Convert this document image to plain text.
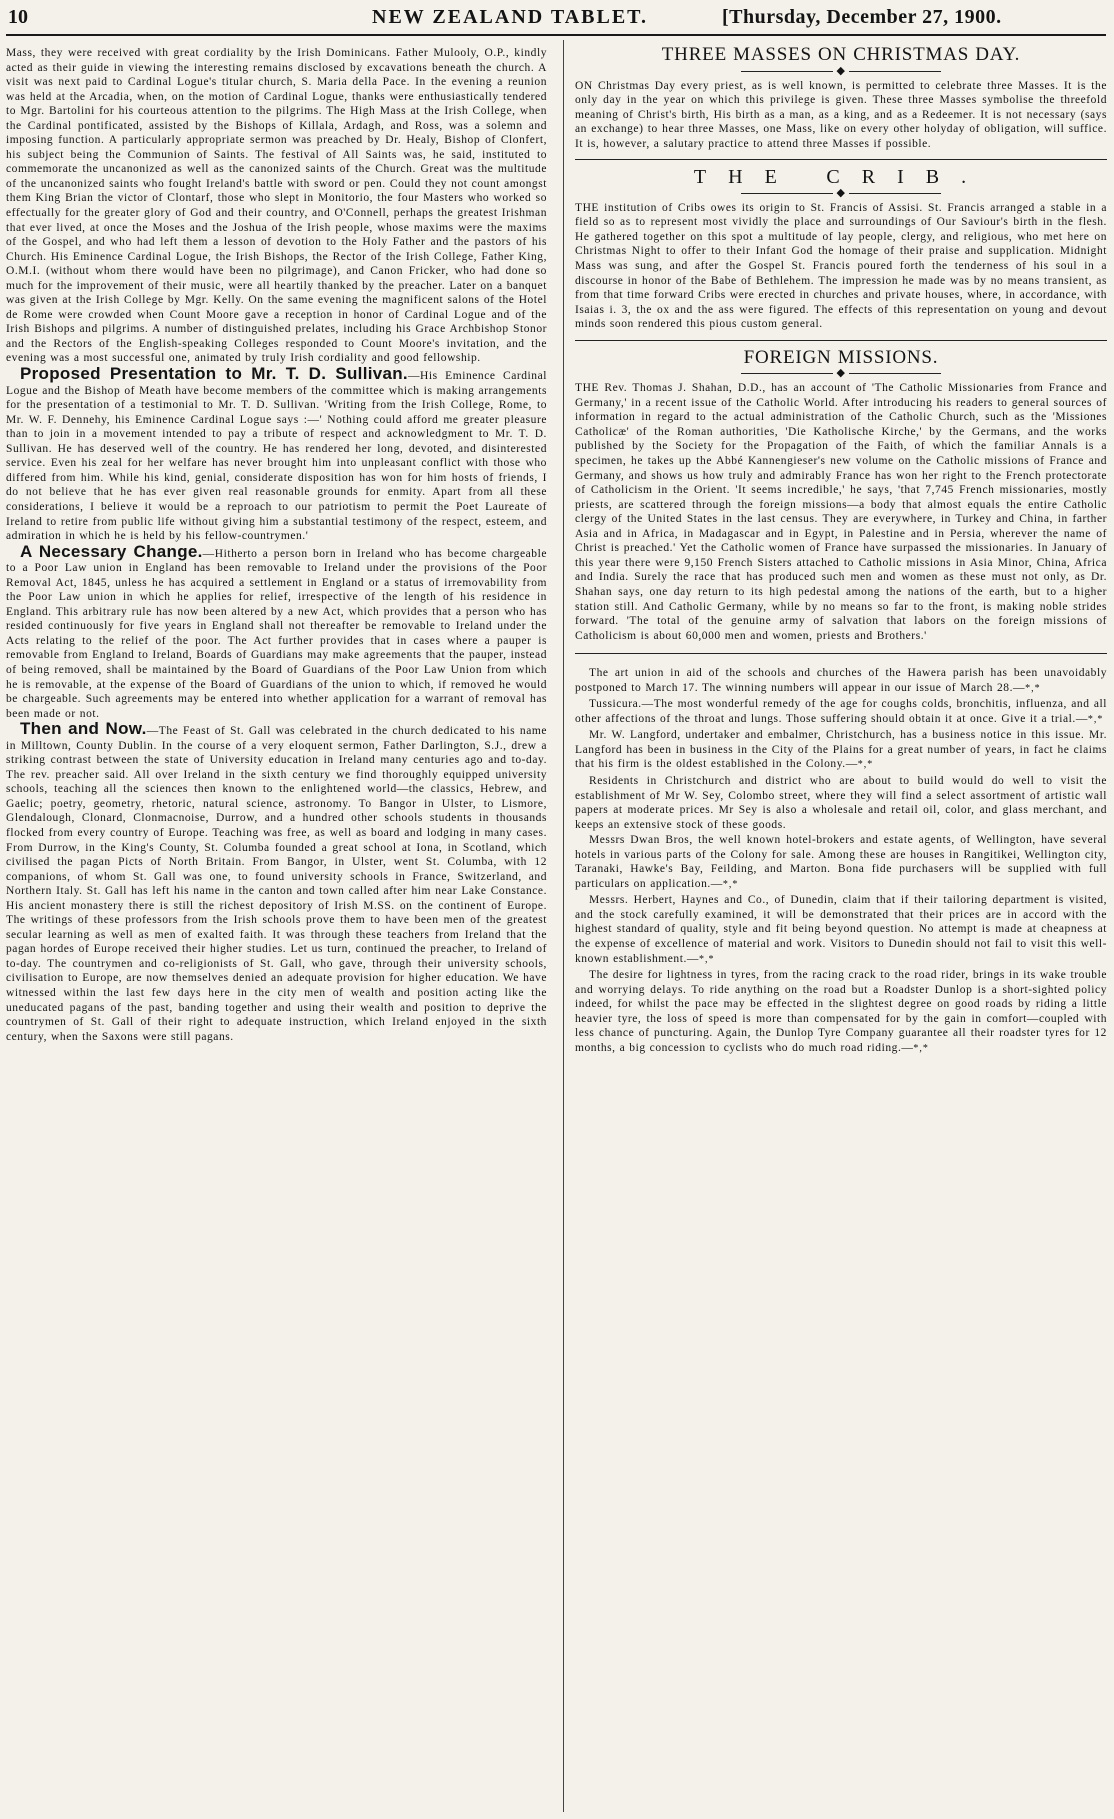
10	NEW ZEALAND TABLET.	[Thursday, December 27, 1900.

Mass, they were received with great cordiality by the Irish Dominicans. Father Mulooly, O.P., kindly acted as their guide in viewing the interesting remains disclosed by excavations beneath the church. A visit was next paid to Cardinal Logue's titular church, S. Maria della Pace. In the evening a reunion was held at the Arcadia, when, on the motion of Cardinal Logue, thanks were enthusiastically tendered to Mgr. Bartolini for his courteous attention to the pilgrims. The High Mass at the Irish College, when the Cardinal pontificated, assisted by the Bishops of Killala, Ardagh, and Ross, was a solemn and imposing function. A particularly appropriate sermon was preached by Dr. Healy, Bishop of Clonfert, his subject being the Communion of Saints. The festival of All Saints was, he said, instituted to commemorate the uncanonized as well as the canonized saints of the Church. Great was the multitude of the uncanonized saints who fought Ireland's battle with sword or pen. Could they not count amongst them King Brian the victor of Clontarf, those who slept in Monitorio, the four Masters who worked so effectually for the greater glory of God and their country, and O'Connell, perhaps the greatest Irishman that ever lived, at once the Moses and the Joshua of the Irish people, whose maxims were the maxims of the Gospel, and who had left them a lesson of devotion to the Holy Father and the pastors of his Church. His Eminence Cardinal Logue, the Irish Bishops, the Rector of the Irish College, Father King, O.M.I. (without whom there would have been no pilgrimage), and Canon Fricker, who had done so much for the improvement of their music, were all heartily thanked by the preacher. Later on a banquet was given at the Irish College by Mgr. Kelly. On the same evening the magnificent salons of the Hotel de Rome were crowded when Count Moore gave a reception in honor of Cardinal Logue and of the Irish Bishops and pilgrims. A number of distinguished prelates, including his Grace Archbishop Stonor and the Rectors of the English-speaking Colleges responded to Count Moore's invitation, and the evening was a most successful one, animated by truly Irish cordiality and good fellowship.

Proposed Presentation to Mr. T. D. Sullivan.—His Eminence Cardinal Logue and the Bishop of Meath have become members of the committee which is making arrangements for the presentation of a testimonial to Mr. T. D. Sullivan. 'Writing from the Irish College, Rome, to Mr. W. F. Dennehy, his Eminence Cardinal Logue says :—' Nothing could afford me greater pleasure than to join in a movement intended to pay a tribute of respect and acknowledgment to Mr. T. D. Sullivan. He has deserved well of the country. He has rendered her long, devoted, and disinterested service. Even his zeal for her welfare has never brought him into unpleasant conflict with those who differed from him. While his kind, genial, considerate disposition has won for him hosts of friends, I do not believe that he has ever given real reasonable grounds for enmity. Apart from all these considerations, I believe it would be a reproach to our patriotism to permit the Poet Laureate of Ireland to retire from public life without giving him a substantial testimony of the respect, esteem, and admiration in which he is held by his fellow-countrymen.'

A Necessary Change.—Hitherto a person born in Ireland who has become chargeable to a Poor Law union in England has been removable to Ireland under the provisions of the Poor Removal Act, 1845, unless he has acquired a settlement in England or a status of irremovability from the Poor Law union in which he applies for relief, irrespective of the length of his residence in England. This arbitrary rule has now been altered by a new Act, which provides that a person who has resided continuously for five years in England shall not thereafter be removable to Ireland under the Acts relating to the relief of the poor. The Act further provides that in cases where a pauper is removable from England to Ireland, Boards of Guardians may make agreements that the pauper, instead of being removed, shall be maintained by the Board of Guardians of the Poor Law Union from which he is removable, at the expense of the Board of Guardians of the union to which, if removed he would be chargeable. Such agreements may be entered into whether application for a warrant of removal has been made or not.

Then and Now.—The Feast of St. Gall was celebrated in the church dedicated to his name in Milltown, County Dublin. In the course of a very eloquent sermon, Father Darlington, S.J., drew a striking contrast between the state of University education in Ireland many centuries ago and to-day. The rev. preacher said. All over Ireland in the sixth century we find thoroughly equipped university schools, teaching all the sciences then known to the enlightened world—the classics, Hebrew, and Gaelic; poetry, geometry, rhetoric, natural science, astronomy. To Bangor in Ulster, to Lismore, Glendalough, Clonard, Clonmacnoise, Durrow, and a hundred other schools students in thousands flocked from every country of Europe. Teaching was free, as well as board and lodging in many cases. From Durrow, in the King's County, St. Columba founded a great school at Iona, in Scotland, which civilised the pagan Picts of North Britain. From Bangor, in Ulster, went St. Columba, with 12 companions, of whom St. Gall was one, to found university schools in France, Switzerland, and Northern Italy. St. Gall has left his name in the canton and town called after him near Lake Constance. His ancient monastery there is still the richest depository of Irish M.SS. on the continent of Europe. The writings of these professors from the Irish schools prove them to have been men of the greatest secular learning as well as men of exalted faith. It was through these teachers from Ireland that the pagan hordes of Europe received their higher studies. Let us turn, continued the preacher, to Ireland of to-day. The countrymen and co-religionists of St. Gall, who gave, through their university schools, civilisation to Europe, are now themselves denied an adequate provision for higher education. We have witnessed within the last few days here in the city men of wealth and position acting like the uneducated pagans of the past, banding together and using their wealth and position to deprive the countrymen of St. Gall of their right to adequate instruction, which Ireland enjoyed in the sixth century, when the Saxons were still pagans.

THREE MASSES ON CHRISTMAS DAY.

◆

ON Christmas Day every priest, as is well known, is permitted to celebrate three Masses. It is the only day in the year on which this privilege is given. These three Masses symbolise the threefold meaning of Christ's birth, His birth as a man, as a king, and as a Redeemer. It is not necessary (says an exchange) to hear three Masses, one Mass, like on every other holyday of obligation, will suffice. It is, however, a salutary practice to attend three Masses if possible.

THE CRIB.

◆

THE institution of Cribs owes its origin to St. Francis of Assisi. St. Francis arranged a stable in a field so as to represent most vividly the place and surroundings of Our Saviour's birth in the flesh. He gathered together on this spot a multitude of lay people, clergy, and religious, who met here on Christmas Night to offer to their Infant God the homage of their praise and supplication. Midnight Mass was sung, and after the Gospel St. Francis poured forth the tenderness of his soul in a discourse in honor of the Babe of Bethlehem. The impression he made was by no means transient, as from that time forward Cribs were erected in churches and private houses, where, in accordance, with Isaias i. 3, the ox and the ass were figured. The effects of this representation on young and devout minds soon rendered this pious custom general.

FOREIGN MISSIONS.

◆

THE Rev. Thomas J. Shahan, D.D., has an account of 'The Catholic Missionaries from France and Germany,' in a recent issue of the Catholic World. After introducing his readers to general sources of information in regard to the actual administration of the Catholic Church, such as the 'Missiones Catholicæ' of the Roman authorities, 'Die Katholische Kirche,' by the Germans, and the works published by the Society for the Propagation of the Faith, of which the familiar Annals is a specimen, he takes up the Abbé Kannengieser's new volume on the Catholic missions of France and Germany, and shows us how truly and admirably France has won her right to the French protectorate of Catholicism in the Orient. 'It seems incredible,' he says, 'that 7,745 French missionaries, mostly priests, are scattered through the foreign missions—a body that almost equals the entire Catholic clergy of the United States in the last census. They are everywhere, in Turkey and China, in farther Asia and in Africa, in Madagascar and in Egypt, in Palestine and in Persia, wherever the name of Christ is preached.' Yet the Catholic women of France have surpassed the missionaries. In January of this year there were 9,150 French Sisters attached to Catholic missions in Asia Minor, China, Africa and India. Surely the race that has produced such men and women as these must not only, as Dr. Shahan says, one day return to its high pedestal among the nations of the earth, but to a higher station still. And Catholic Germany, while by no means so far to the front, is making noble strides forward. 'The total of the genuine army of salvation that labors on the foreign missions of Catholicism is about 60,000 men and women, priests and Brothers.'

The art union in aid of the schools and churches of the Hawera parish has been unavoidably postponed to March 17. The winning numbers will appear in our issue of March 28.—*,*

Tussicura.—The most wonderful remedy of the age for coughs colds, bronchitis, influenza, and all other affections of the throat and lungs. Those suffering should obtain it at once. Give it a trial.—*,*

Mr. W. Langford, undertaker and embalmer, Christchurch, has a business notice in this issue. Mr. Langford has been in business in the City of the Plains for a great number of years, in fact he claims that his firm is the oldest established in the Colony.—*,*

Residents in Christchurch and district who are about to build would do well to visit the establishment of Mr W. Sey, Colombo street, where they will find a select assortment of artistic wall papers at moderate prices. Mr Sey is also a wholesale and retail oil, color, and glass merchant, and keeps an extensive stock of these goods.

Messrs Dwan Bros, the well known hotel-brokers and estate agents, of Wellington, have several hotels in various parts of the Colony for sale. Among these are houses in Rangitikei, Wellington city, Taranaki, Hawke's Bay, Feilding, and Marton. Bona fide purchasers will be supplied with full particulars on application.—*,*

Messrs. Herbert, Haynes and Co., of Dunedin, claim that if their tailoring department is visited, and the stock carefully examined, it will be demonstrated that their prices are in accord with the highest standard of quality, style and fit being beyond question. No attempt is made at cheapness at the expense of excellence of material and work. Visitors to Dunedin should not fail to visit this well-known establishment.—*,*

The desire for lightness in tyres, from the racing crack to the road rider, brings in its wake trouble and worrying delays. To ride anything on the road but a Roadster Dunlop is a short-sighted policy indeed, for whilst the pace may be effected in the slightest degree on good roads by riding a little heavier tyre, the loss of speed is more than compensated for by the gain in comfort—coupled with less chance of puncturing. Again, the Dunlop Tyre Company guarantee all their roadster tyres for 12 months, a big concession to cyclists who do much road riding.—*,*
